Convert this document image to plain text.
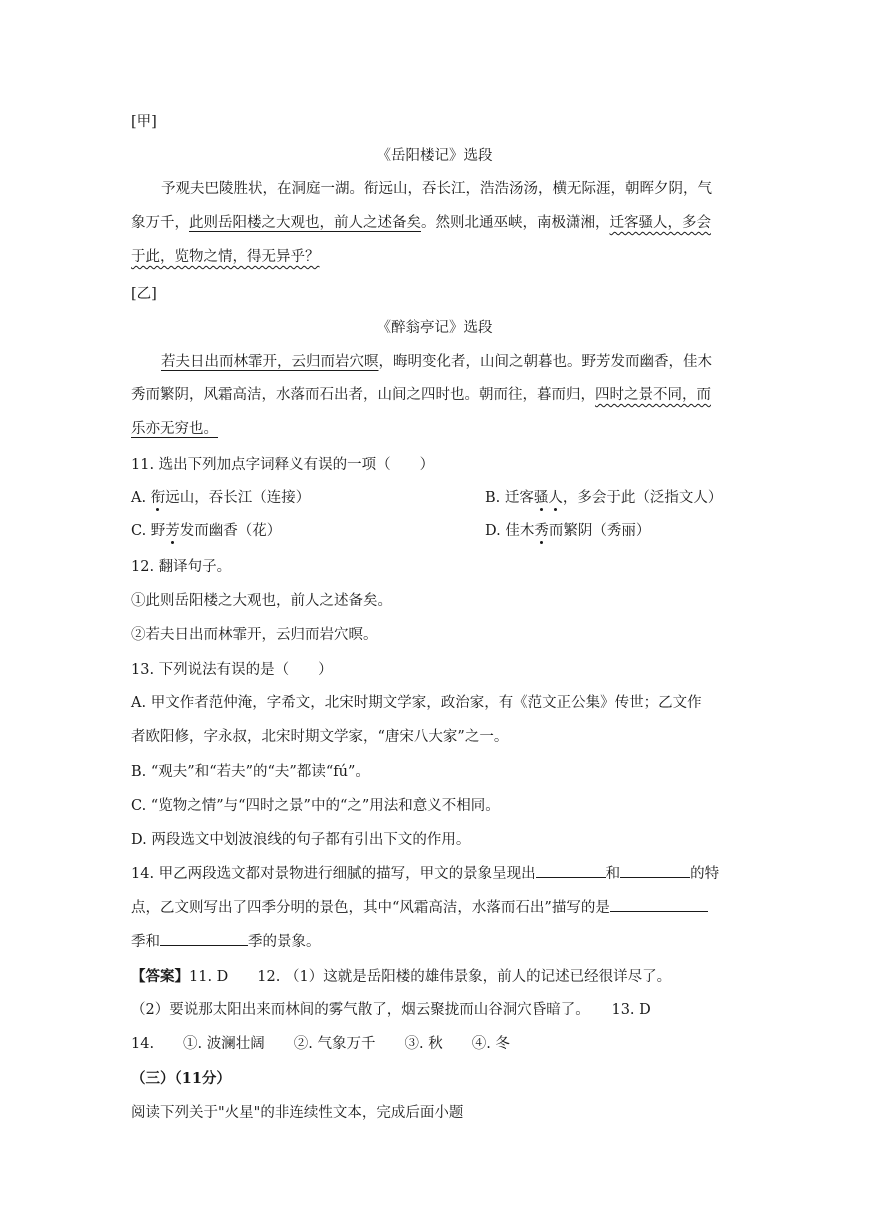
[甲]
《岳阳楼记》选段
予观夫巴陵胜状，在洞庭一湖。衔远山，吞长江，浩浩汤汤，横无际涯，朝晖夕阴，气
象万千，此则岳阳楼之大观也，前人之述备矣。然则北通巫峡，南极潇湘，迁客骚人，多会
于此，览物之情，得无异乎？
[乙]
《醉翁亭记》选段
若夫日出而林霏开，云归而岩穴暝，晦明变化者，山间之朝暮也。野芳发而幽香，佳木
秀而繁阴，风霜高洁，水落而石出者，山间之四时也。朝而往，暮而归，四时之景不同，而
乐亦无穷也。
11. 选出下列加点字词释义有误的一项（　　）
A. 衔远山，吞长江（连接）	B. 迁客骚人，多会于此（泛指文人）
C. 野芳发而幽香（花）	D. 佳木秀而繁阴（秀丽）
12. 翻译句子。
①此则岳阳楼之大观也，前人之述备矣。
②若夫日出而林霏开，云归而岩穴暝。
13. 下列说法有误的是（　　）
A. 甲文作者范仲淹，字希文，北宋时期文学家，政治家，有《范文正公集》传世；乙文作
者欧阳修，字永叔，北宋时期文学家，“唐宋八大家”之一。
B. “观夫”和“若夫”的“夫”都读“fú”。
C. “览物之情”与“四时之景”中的“之”用法和意义不相同。
D. 两段选文中划波浪线的句子都有引出下文的作用。
14. 甲乙两段选文都对景物进行细腻的描写，甲文的景象呈现出	和	的特
点，乙文则写出了四季分明的景色，其中“风霜高洁，水落而石出”描写的是
季和	季的景象。
【答案】11. D　　12. （1）这就是岳阳楼的雄伟景象，前人的记述已经很详尽了。
（2）要说那太阳出来而林间的雾气散了，烟云聚拢而山谷洞穴昏暗了。　　13. D
14.　　①. 波澜壮阔　　②. 气象万千　　③. 秋　　④. 冬
（三）（11分）
阅读下列关于"火星"的非连续性文本，完成后面小题
